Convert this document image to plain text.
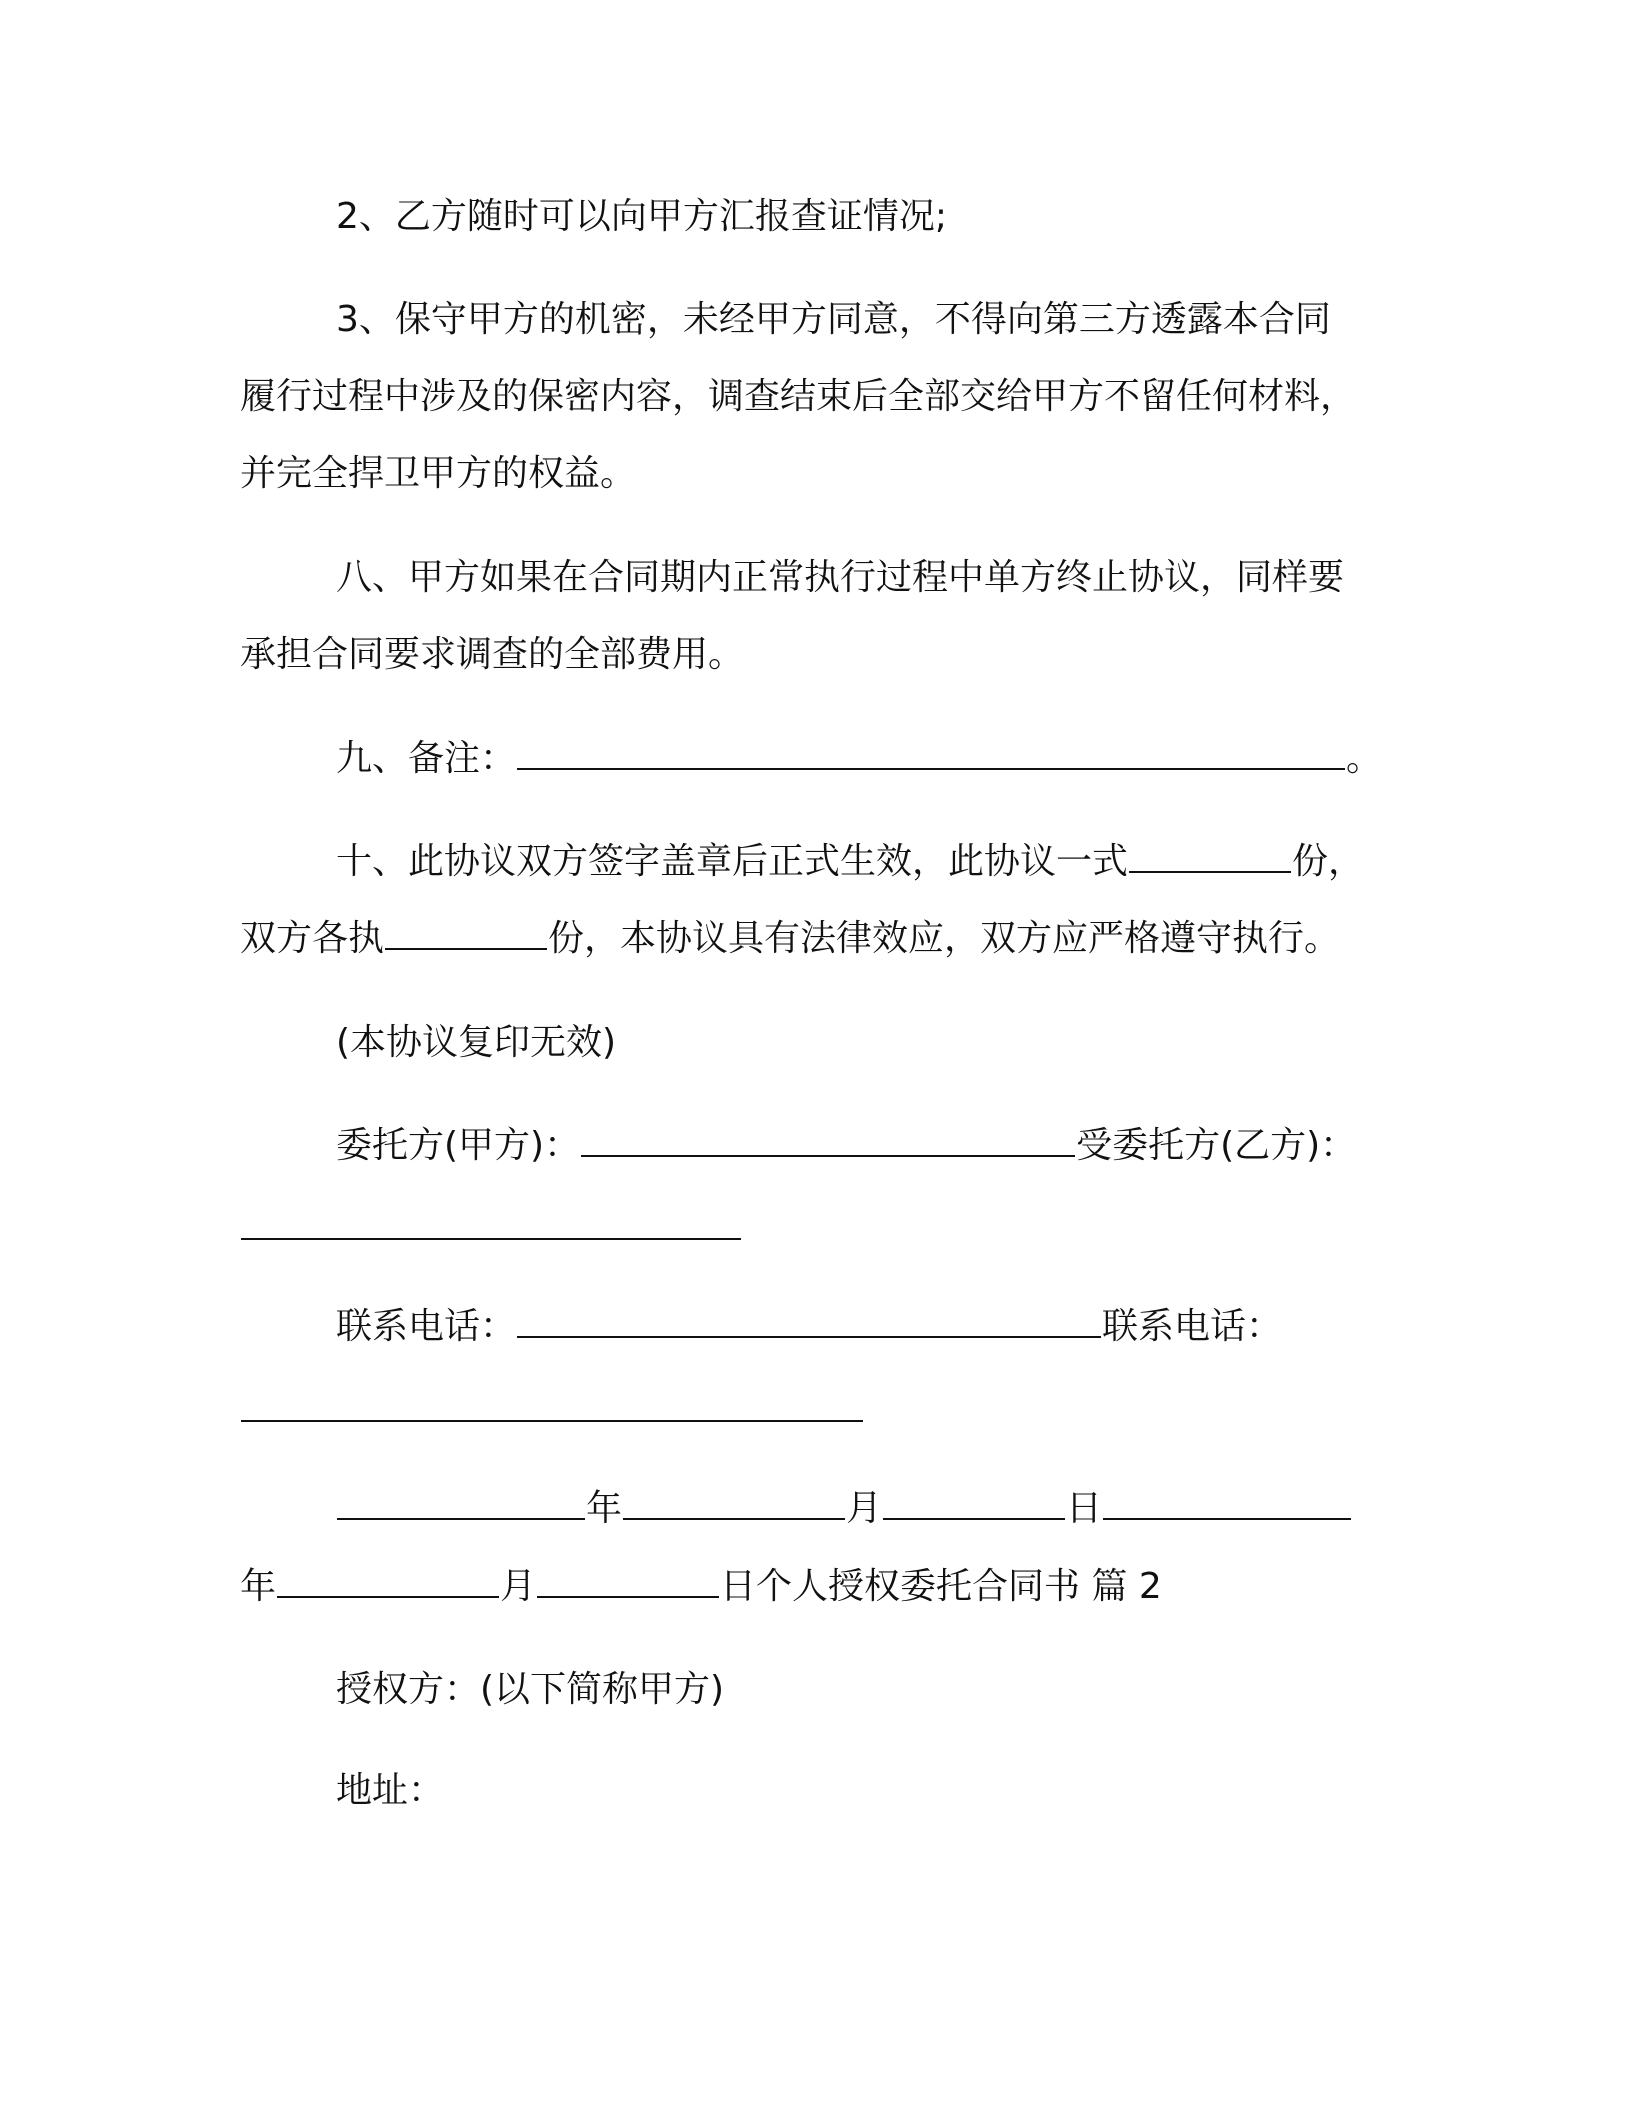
2、乙方随时可以向甲方汇报查证情况;
3、保守甲方的机密，未经甲方同意，不得向第三方透露本合同
履行过程中涉及的保密内容，调查结束后全部交给甲方不留任何材料，
并完全捍卫甲方的权益。
八、甲方如果在合同期内正常执行过程中单方终止协议，同样要
承担合同要求调查的全部费用。
九、备注：	。
十、此协议双方签字盖章后正式生效，此协议一式	份，
双方各执	份，本协议具有法律效应，双方应严格遵守执行。
(本协议复印无效)
委托方(甲方)：	受委托方(乙方)：
联系电话：	联系电话：
年	月	日
年	月	日个人授权委托合同书 篇 2
授权方：(以下简称甲方)
地址：
